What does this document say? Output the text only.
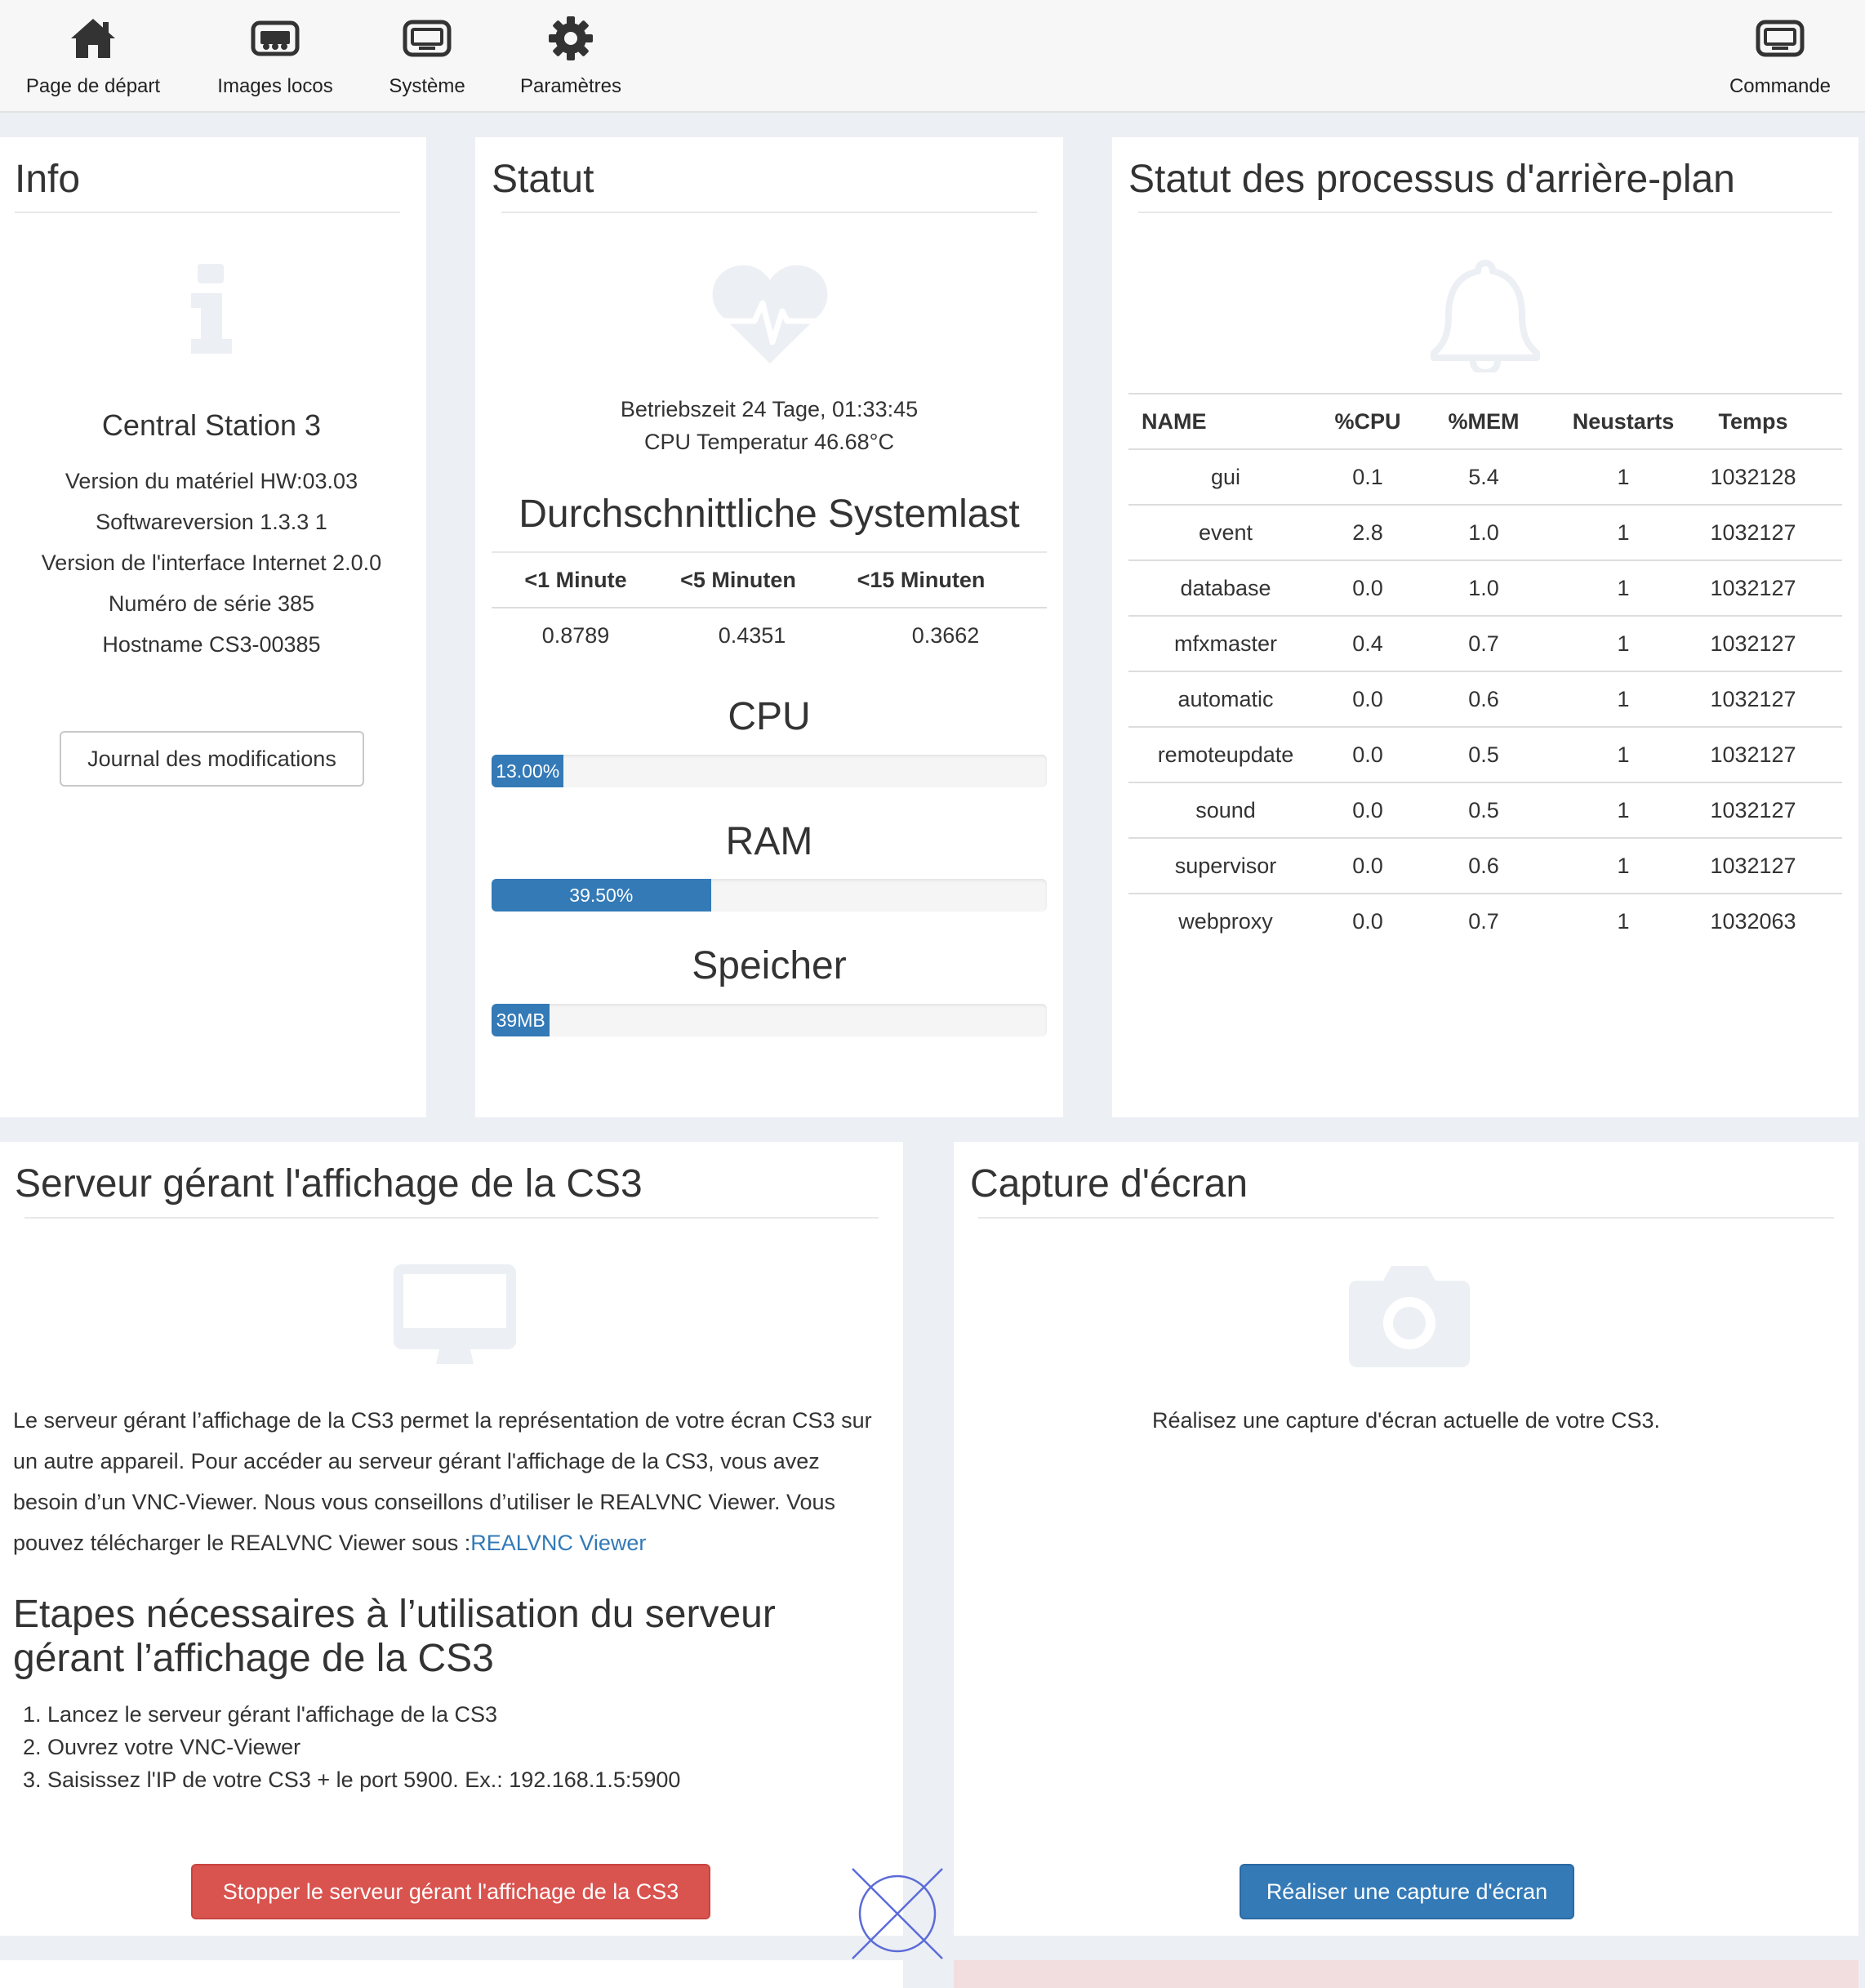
Page de départ	Images locos	Système	Paramètres	Commande
Info
Central Station 3
Version du matériel HW:03.03
Softwareversion 1.3.3 1
Version de l'interface Internet 2.0.0
Numéro de série 385
Hostname CS3-00385
Journal des modifications
Statut
Betriebszeit 24 Tage, 01:33:45
CPU Temperatur 46.68°C
Durchschnittliche Systemlast
<1 Minute	<5 Minuten	<15 Minuten
0.8789	0.4351	0.3662
CPU
13.00%
RAM
39.50%
Speicher
39MB
Statut des processus d'arrière-plan
NAME	%CPU	%MEM	Neustarts	Temps
gui	0.1	5.4	1	1032128
event	2.8	1.0	1	1032127
database	0.0	1.0	1	1032127
mfxmaster	0.4	0.7	1	1032127
automatic	0.0	0.6	1	1032127
remoteupdate	0.0	0.5	1	1032127
sound	0.0	0.5	1	1032127
supervisor	0.0	0.6	1	1032127
webproxy	0.0	0.7	1	1032063
Serveur gérant l'affichage de la CS3
Le serveur gérant l’affichage de la CS3 permet la représentation de votre écran CS3 sur un autre appareil. Pour accéder au serveur gérant l'affichage de la CS3, vous avez besoin d’un VNC-Viewer. Nous vous conseillons d’utiliser le REALVNC Viewer. Vous pouvez télécharger le REALVNC Viewer sous :REALVNC Viewer
Etapes nécessaires à l’utilisation du serveur gérant l’affichage de la CS3
1. Lancez le serveur gérant l'affichage de la CS3
2. Ouvrez votre VNC-Viewer
3. Saisissez l'IP de votre CS3 + le port 5900. Ex.: 192.168.1.5:5900
Stopper le serveur gérant l'affichage de la CS3
Capture d'écran
Réalisez une capture d'écran actuelle de votre CS3.
Réaliser une capture d'écran
